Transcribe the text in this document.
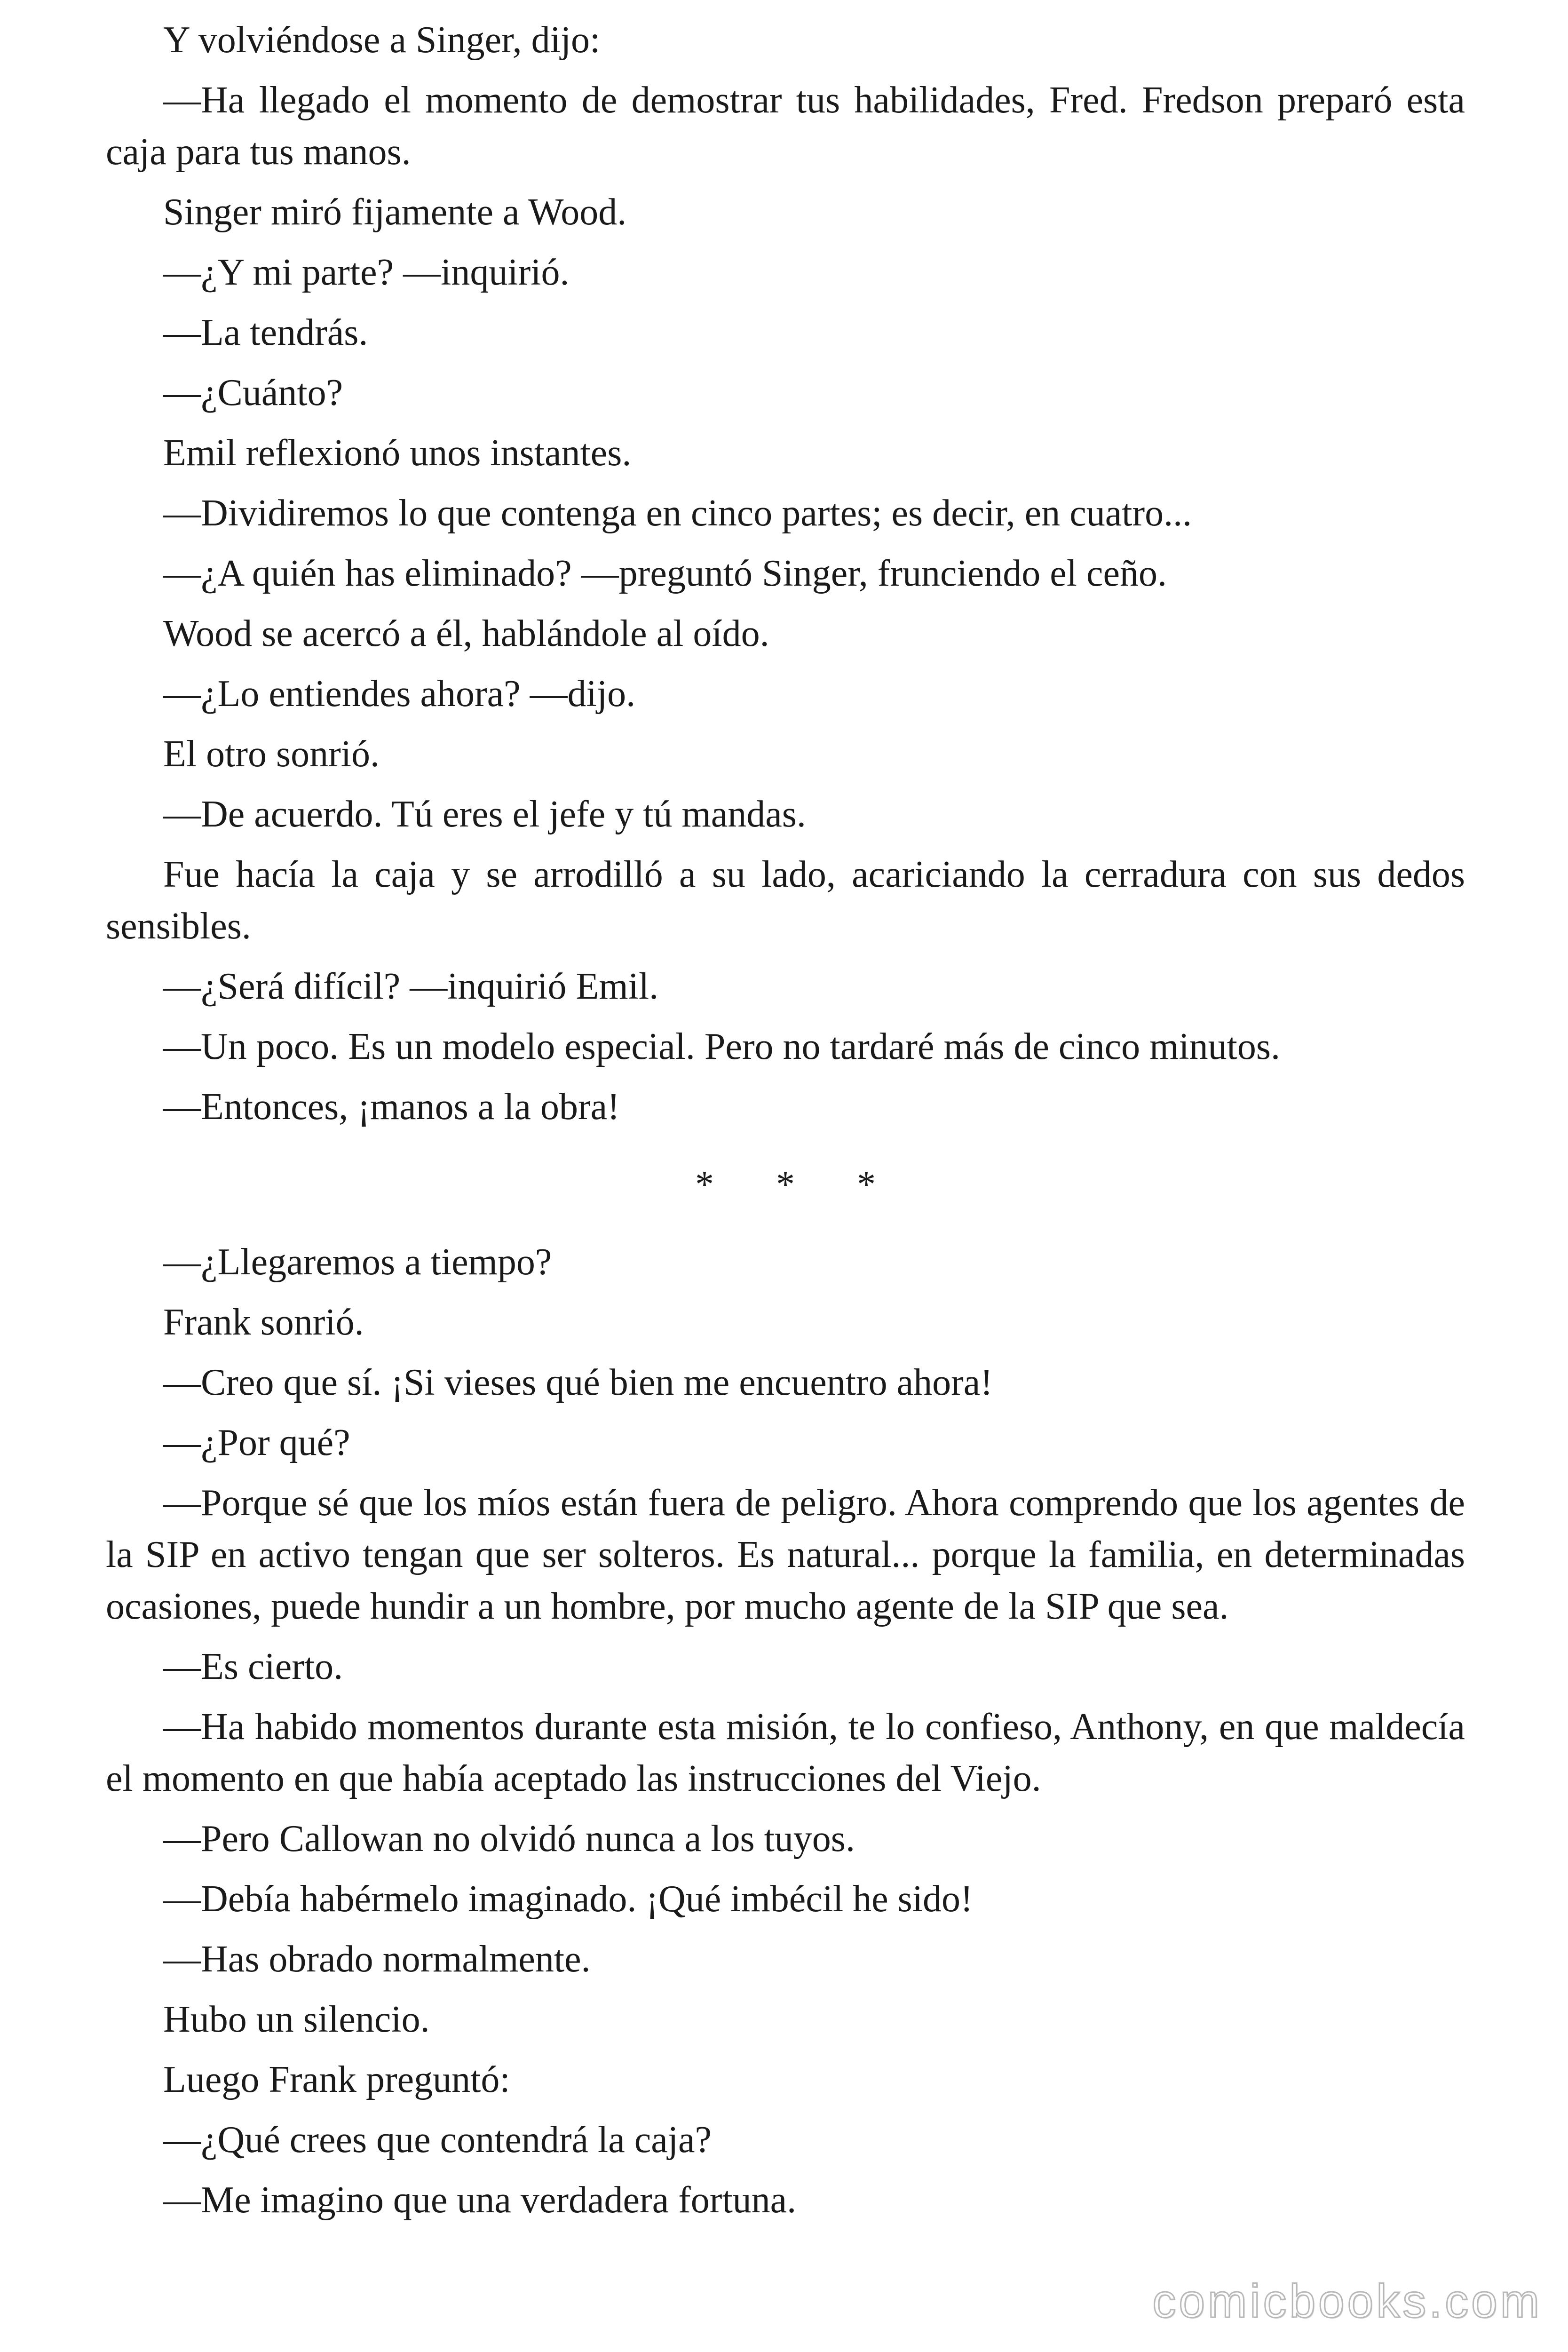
Y volviéndose a Singer, dijo:

—Ha llegado el momento de demostrar tus habilidades, Fred. Fredson preparó esta caja para tus manos.

Singer miró fijamente a Wood.

—¿Y mi parte? —inquirió.

—La tendrás.

—¿Cuánto?

Emil reflexionó unos instantes.

—Dividiremos lo que contenga en cinco partes; es decir, en cuatro...

—¿A quién has eliminado? —preguntó Singer, frunciendo el ceño.

Wood se acercó a él, hablándole al oído.

—¿Lo entiendes ahora? —dijo.

El otro sonrió.

—De acuerdo. Tú eres el jefe y tú mandas.

Fue hacía la caja y se arrodilló a su lado, acariciando la cerradura con sus dedos sensibles.

—¿Será difícil? —inquirió Emil.

—Un poco. Es un modelo especial. Pero no tardaré más de cinco minutos.

—Entonces, ¡manos a la obra!

* * *

—¿Llegaremos a tiempo?

Frank sonrió.

—Creo que sí. ¡Si vieses qué bien me encuentro ahora!

—¿Por qué?

—Porque sé que los míos están fuera de peligro. Ahora comprendo que los agentes de la SIP en activo tengan que ser solteros. Es natural... porque la familia, en determinadas ocasiones, puede hundir a un hombre, por mucho agente de la SIP que sea.

—Es cierto.

—Ha habido momentos durante esta misión, te lo confieso, Anthony, en que maldecía el momento en que había aceptado las instrucciones del Viejo.

—Pero Callowan no olvidó nunca a los tuyos.

—Debía habérmelo imaginado. ¡Qué imbécil he sido!

—Has obrado normalmente.

Hubo un silencio.

Luego Frank preguntó:

—¿Qué crees que contendrá la caja?

—Me imagino que una verdadera fortuna.

comicbooks.com
